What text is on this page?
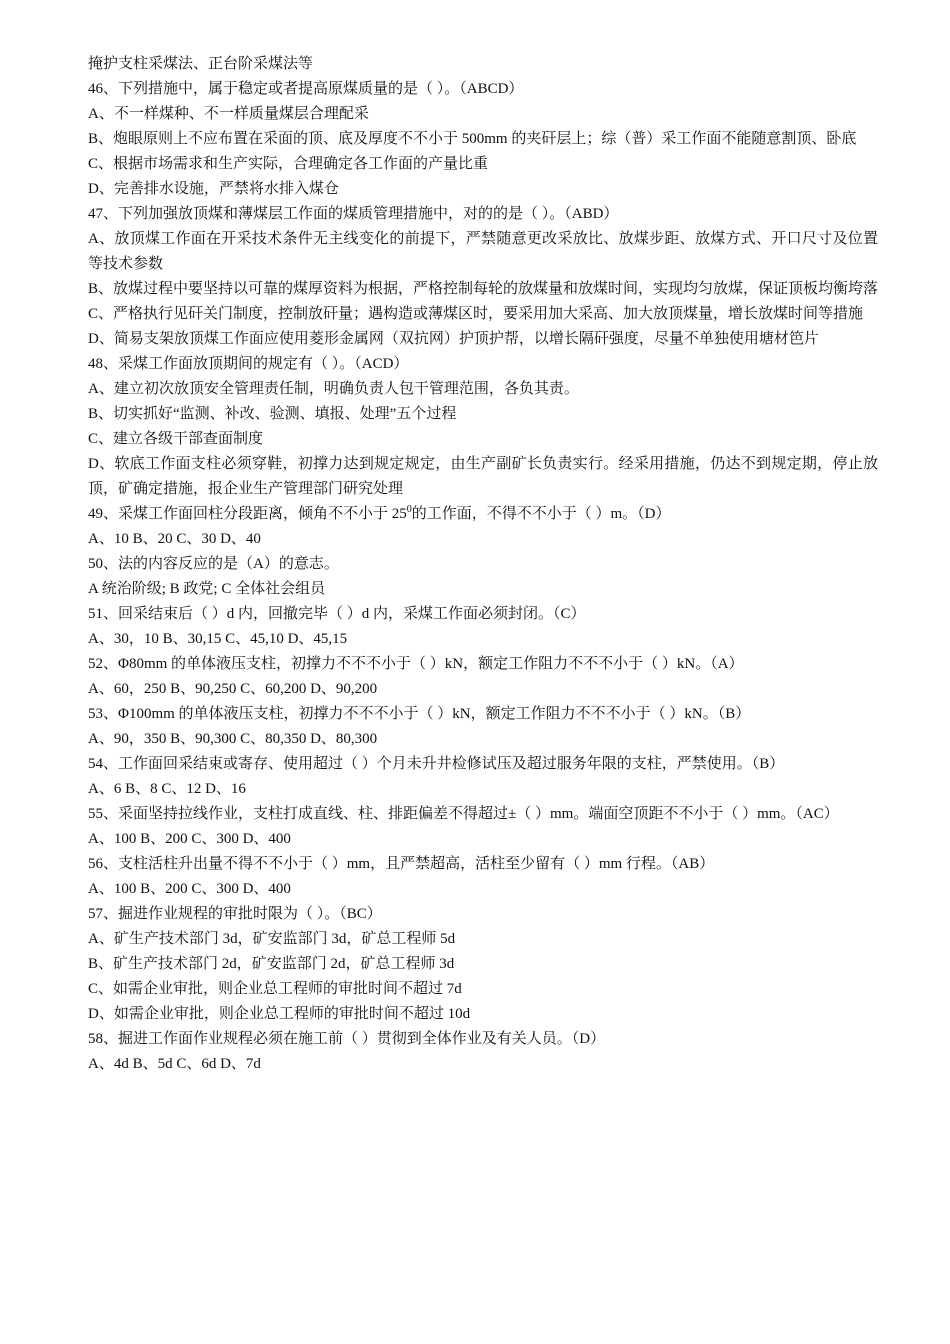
掩护支柱采煤法、正台阶采煤法等
46、下列措施中，属于稳定或者提高原煤质量的是（ ）。（ABCD）
A、不一样煤种、不一样质量煤层合理配采
B、炮眼原则上不应布置在采面的顶、底及厚度不不小于 500mm 的夹矸层上；综（普）采工作面不能随意割顶、卧底
C、根据市场需求和生产实际，合理确定各工作面的产量比重
D、完善排水设施，严禁将水排入煤仓
47、下列加强放顶煤和薄煤层工作面的煤质管理措施中，对的的是（ ）。（ABD）
A、放顶煤工作面在开采技术条件无主线变化的前提下，严禁随意更改采放比、放煤步距、放煤方式、开口尺寸及位置等技术参数
B、放煤过程中要坚持以可靠的煤厚资料为根据，严格控制每轮的放煤量和放煤时间，实现均匀放煤，保证顶板均衡垮落
C、严格执行见矸关门制度，控制放矸量；遇构造或薄煤区时，要采用加大采高、加大放顶煤量，增长放煤时间等措施
D、简易支架放顶煤工作面应使用菱形金属网（双抗网）护顶护帮，以增长隔矸强度，尽量不单独使用塘材笆片
48、采煤工作面放顶期间的规定有（ ）。（ACD）
A、建立初次放顶安全管理责任制，明确负责人包干管理范围，各负其责。
B、切实抓好“监测、补改、验测、填报、处理”五个过程
C、建立各级干部查面制度
D、软底工作面支柱必须穿鞋，初撑力达到规定规定，由生产副矿长负责实行。经采用措施，仍达不到规定期，停止放顶，矿确定措施，报企业生产管理部门研究处理
49、采煤工作面回柱分段距离，倾角不不小于 $25^0$的工作面，不得不不小于（ ）m。（D）
A、10 B、20 C、30 D、40
50、法的内容反应的是（A）的意志。
A 统治阶级; B 政党; C 全体社会组员
51、回采结束后（ ）d 内，回撤完毕（ ）d 内，采煤工作面必须封闭。（C）
A、30，10 B、30,15 C、45,10 D、45,15
52、Φ80mm 的单体液压支柱，初撑力不不不小于（ ）kN，额定工作阻力不不不小于（ ）kN。（A）
A、60，250 B、90,250 C、60,200 D、90,200
53、Φ100mm 的单体液压支柱，初撑力不不不小于（ ）kN，额定工作阻力不不不小于（ ）kN。（B）
A、90，350 B、90,300 C、80,350 D、80,300
54、工作面回采结束或寄存、使用超过（ ）个月未升井检修试压及超过服务年限的支柱，严禁使用。（B）
A、6 B、8 C、12 D、16
55、采面坚持拉线作业，支柱打成直线、柱、排距偏差不得超过±（ ）mm。端面空顶距不不小于（ ）mm。（AC）
A、100 B、200 C、300 D、400
56、支柱活柱升出量不得不不小于（ ）mm，且严禁超高，活柱至少留有（ ）mm 行程。（AB）
A、100 B、200 C、300 D、400
57、掘进作业规程的审批时限为（ ）。（BC）
A、矿生产技术部门 3d，矿安监部门 3d，矿总工程师 5d
B、矿生产技术部门 2d，矿安监部门 2d，矿总工程师 3d
C、如需企业审批，则企业总工程师的审批时间不超过 7d
D、如需企业审批，则企业总工程师的审批时间不超过 10d
58、掘进工作面作业规程必须在施工前（ ）贯彻到全体作业及有关人员。（D）
A、4d B、5d C、6d D、7d
